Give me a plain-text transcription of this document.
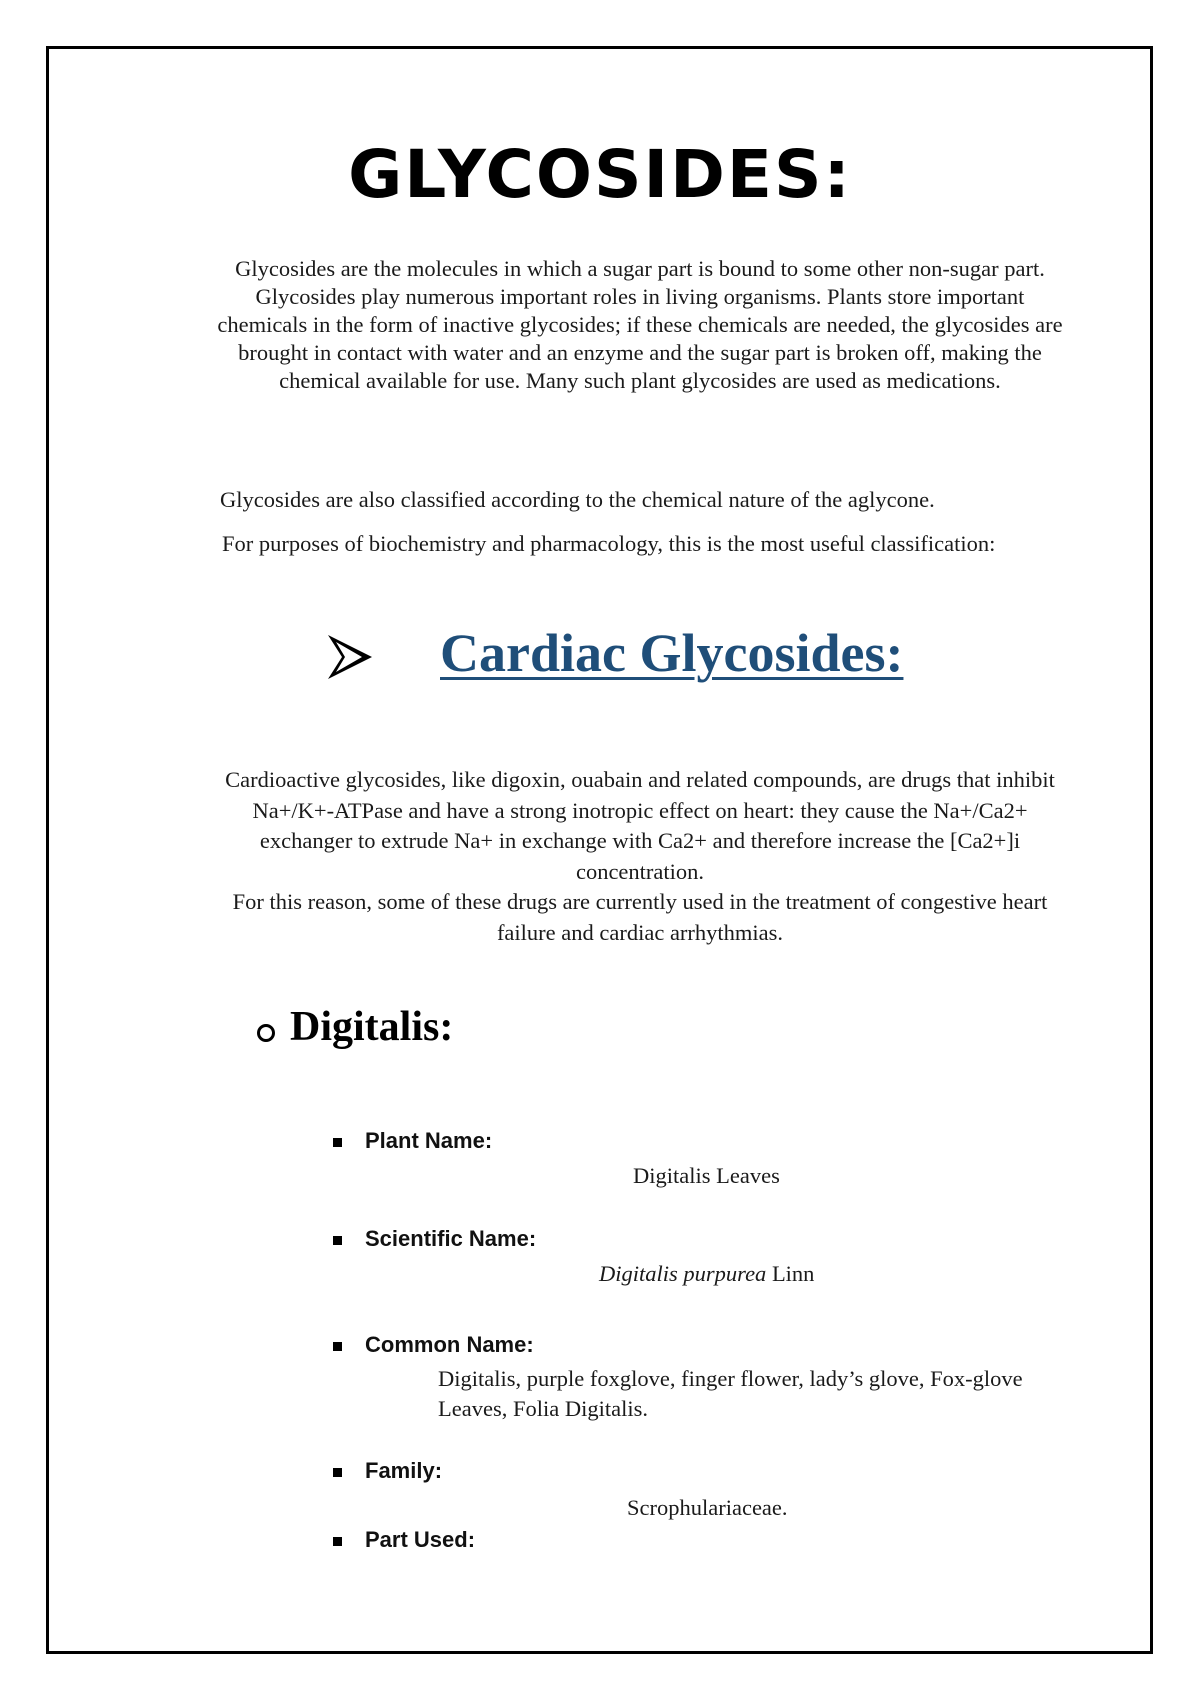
GLYCOSIDES:
Glycosides are the molecules in which a sugar part is bound to some other non-sugar part. Glycosides play numerous important roles in living organisms. Plants store important chemicals in the form of inactive glycosides; if these chemicals are needed, the glycosides are brought in contact with water and an enzyme and the sugar part is broken off, making the chemical available for use. Many such plant glycosides are used as medications.
Glycosides are also classified according to the chemical nature of the aglycone.
For purposes of biochemistry and pharmacology, this is the most useful classification:
Cardiac Glycosides:
Cardioactive glycosides, like digoxin, ouabain and related compounds, are drugs that inhibit Na+/K+-ATPase and have a strong inotropic effect on heart: they cause the Na+/Ca2+ exchanger to extrude Na+ in exchange with Ca2+ and therefore increase the [Ca2+]i concentration.
For this reason, some of these drugs are currently used in the treatment of congestive heart failure and cardiac arrhythmias.
Digitalis:
Plant Name:
Digitalis Leaves
Scientific Name:
Digitalis purpurea Linn
Common Name:
Digitalis, purple foxglove, finger flower, lady’s glove, Fox-glove Leaves, Folia Digitalis.
Family:
Scrophulariaceae.
Part Used:
